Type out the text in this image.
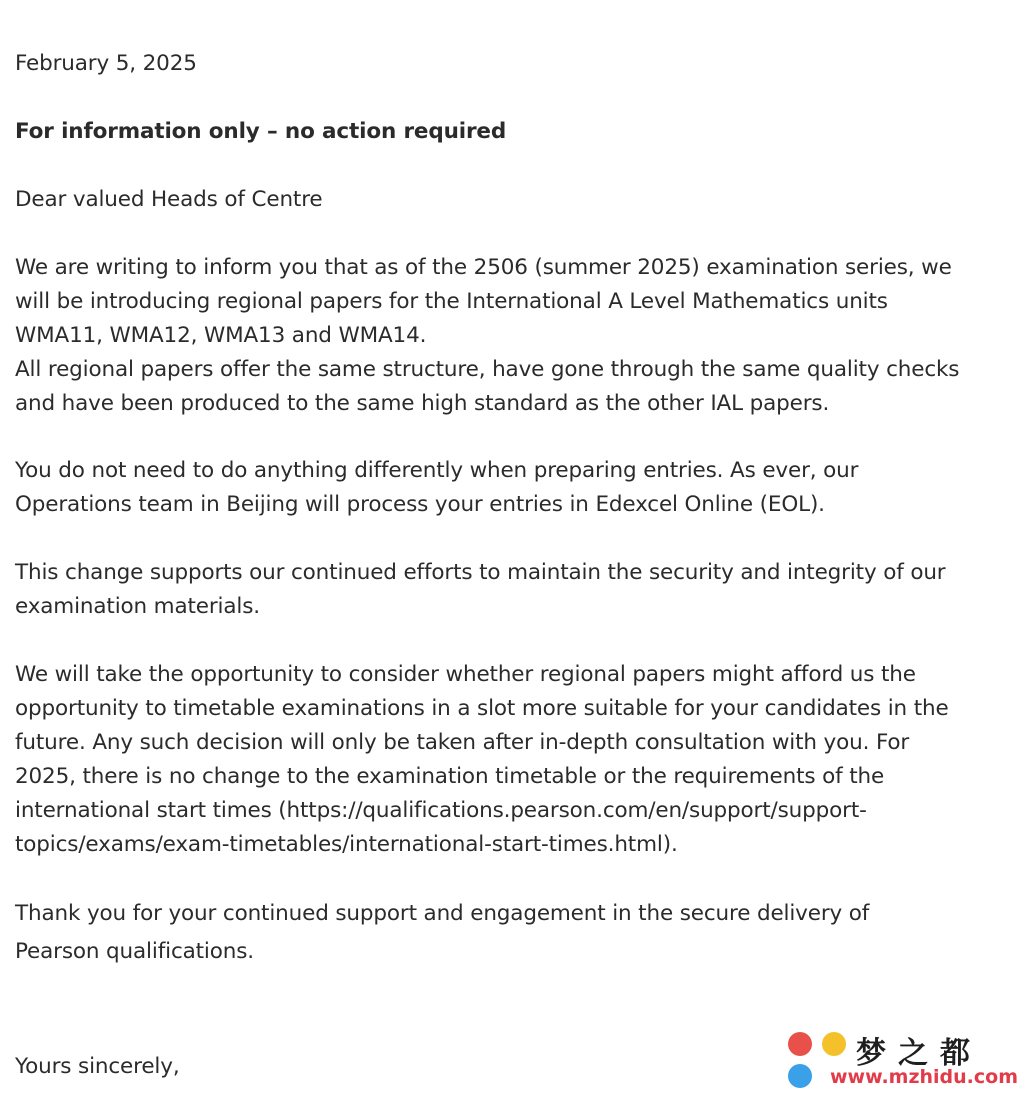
February 5, 2025
For information only – no action required
Dear valued Heads of Centre
We are writing to inform you that as of the 2506 (summer 2025) examination series, we
will be introducing regional papers for the International A Level Mathematics units
WMA11, WMA12, WMA13 and WMA14.
All regional papers offer the same structure, have gone through the same quality checks
and have been produced to the same high standard as the other IAL papers.
You do not need to do anything differently when preparing entries. As ever, our
Operations team in Beijing will process your entries in Edexcel Online (EOL).
This change supports our continued efforts to maintain the security and integrity of our
examination materials.
We will take the opportunity to consider whether regional papers might afford us the
opportunity to timetable examinations in a slot more suitable for your candidates in the
future. Any such decision will only be taken after in-depth consultation with you. For
2025, there is no change to the examination timetable or the requirements of the
international start times (https://qualifications.pearson.com/en/support/support-
topics/exams/exam-timetables/international-start-times.html).
Thank you for your continued support and engagement in the secure delivery of
Pearson qualifications.
Yours sincerely,	梦之都
www.mzhidu.com
